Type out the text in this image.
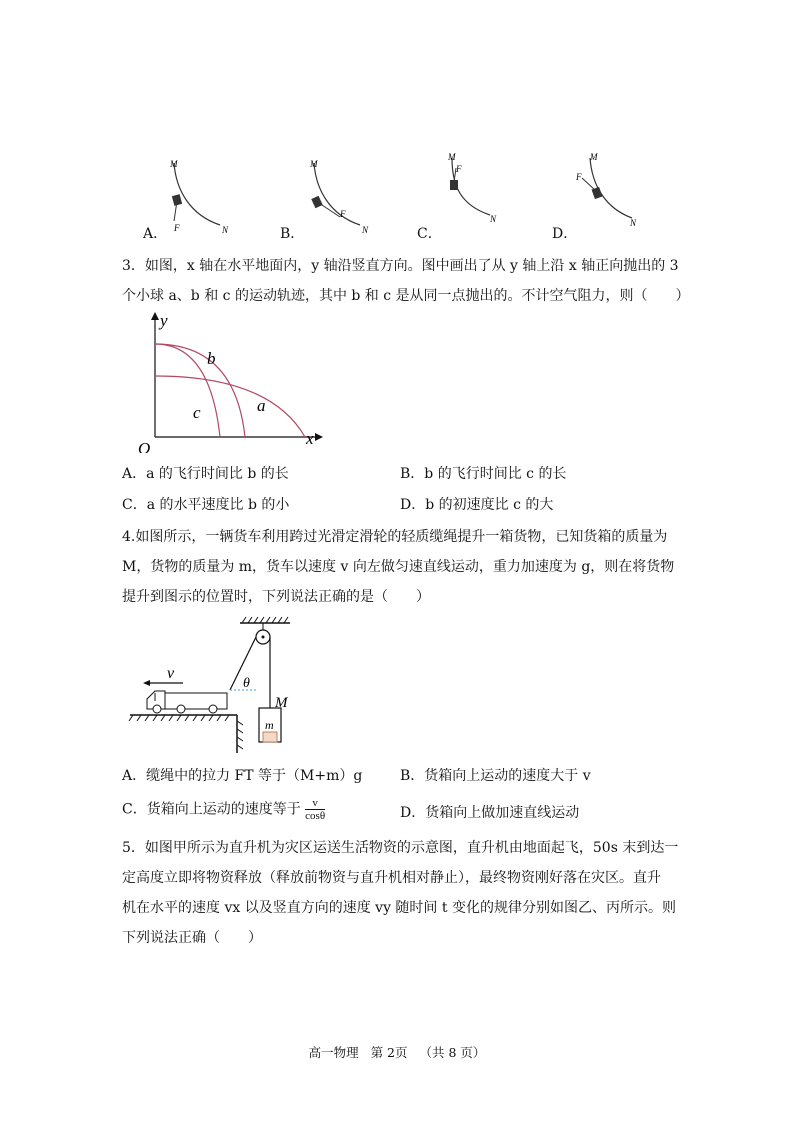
M
F	N
A．
M
F
N
B．
M
F
N
C．
M
F
N
D．
3．如图，x 轴在水平地面内，y 轴沿竖直方向。图中画出了从 y 轴上沿 x 轴正向抛出的 3
个小球 a、b 和 c 的运动轨迹，其中 b 和 c 是从同一点抛出的。不计空气阻力，则（　　）
y
x
O
b
c	a
A．a 的飞行时间比 b 的长	B．b 的飞行时间比 c 的长
C．a 的水平速度比 b 的小	D．b 的初速度比 c 的大
4.如图所示，一辆货车利用跨过光滑定滑轮的轻质缆绳提升一箱货物，已知货箱的质量为
M，货物的质量为 m，货车以速度 v 向左做匀速直线运动，重力加速度为 g，则在将货物
提升到图示的位置时，下列说法正确的是（　　）
v
θ
M
m
A．缆绳中的拉力 FT 等于（M+m）g	B．货箱向上运动的速度大于 v
C．货箱向上运动的速度等于 $\frac{v}{\cos\theta}$	D．货箱向上做加速直线运动
5．如图甲所示为直升机为灾区运送生活物资的示意图，直升机由地面起飞，50s 末到达一
定高度立即将物资释放（释放前物资与直升机相对静止），最终物资刚好落在灾区。直升
机在水平的速度 vx 以及竖直方向的速度 vy 随时间 t 变化的规律分别如图乙、丙所示。则
下列说法正确（　　）
高一物理 第 2页 （共 8 页）
